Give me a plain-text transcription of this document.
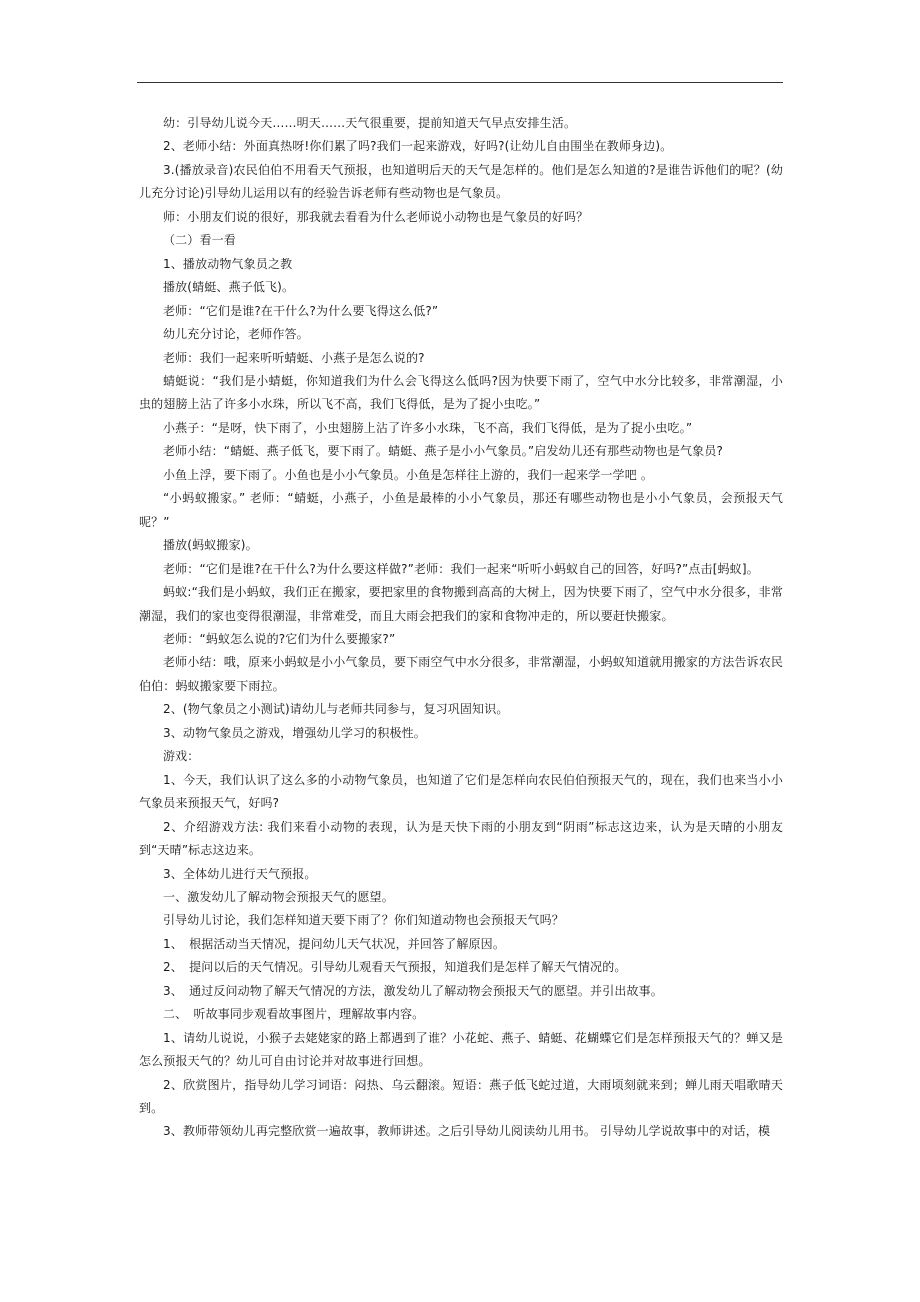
幼：引导幼儿说今天……明天……天气很重要，提前知道天气早点安排生活。

2、老师小结：外面真热呀!你们累了吗?我们一起来游戏，好吗?(让幼儿自由围坐在教师身边)。

3.(播放录音)农民伯伯不用看天气预报，也知道明后天的天气是怎样的。他们是怎么知道的?是谁告诉他们的呢？(幼儿充分讨论)引导幼儿运用以有的经验告诉老师有些动物也是气象员。

师：小朋友们说的很好，那我就去看看为什么老师说小动物也是气象员的好吗？

（二）看一看

1、播放动物气象员之教

播放(蜻蜓、燕子低飞)。

老师：“它们是谁?在干什么?为什么要飞得这么低?”

幼儿充分讨论，老师作答。

老师：我们一起来听听蜻蜓、小燕子是怎么说的?

蜻蜓说：“我们是小蜻蜓，你知道我们为什么会飞得这么低吗?因为快要下雨了，空气中水分比较多，非常潮湿，小虫的翅膀上沾了许多小水珠，所以飞不高，我们飞得低，是为了捉小虫吃。”

小燕子：“是呀，快下雨了，小虫翅膀上沾了许多小水珠，飞不高，我们飞得低，是为了捉小虫吃。”

老师小结：“蜻蜓、燕子低飞，要下雨了。蜻蜓、燕子是小小气象员。”启发幼儿还有那些动物也是气象员?

小鱼上浮，要下雨了。小鱼也是小小气象员。小鱼是怎样往上游的，我们一起来学一学吧 。

“小蚂蚁搬家。” 老师：“蜻蜓，小燕子，小鱼是最棒的小小气象员，那还有哪些动物也是小小气象员，会预报天气呢？”

播放(蚂蚁搬家)。

老师：“它们是谁?在干什么?为什么要这样做?”老师：我们一起来“听听小蚂蚁自己的回答，好吗?”点击[蚂蚁]。

蚂蚁:“我们是小蚂蚁，我们正在搬家，要把家里的食物搬到高高的大树上，因为快要下雨了，空气中水分很多，非常潮湿，我们的家也变得很潮湿，非常难受，而且大雨会把我们的家和食物冲走的，所以要赶快搬家。

老师：“蚂蚁怎么说的?它们为什么要搬家?”

老师小结：哦，原来小蚂蚁是小小气象员，要下雨空气中水分很多，非常潮湿，小蚂蚁知道就用搬家的方法告诉农民伯伯：蚂蚁搬家要下雨拉。

2、(物气象员之小测试)请幼儿与老师共同参与，复习巩固知识。

3、动物气象员之游戏，增强幼儿学习的积极性。

游戏：

1、今天，我们认识了这么多的小动物气象员，也知道了它们是怎样向农民伯伯预报天气的，现在，我们也来当小小气象员来预报天气，好吗?

2、介绍游戏方法: 我们来看小动物的表现，认为是天快下雨的小朋友到“阴雨”标志这边来，认为是天晴的小朋友到“天晴”标志这边来。

3、全体幼儿进行天气预报。

一、激发幼儿了解动物会预报天气的愿望。

引导幼儿讨论，我们怎样知道天要下雨了？你们知道动物也会预报天气吗？

1、　根据活动当天情况，提问幼儿天气状况，并回答了解原因。

2、　提问以后的天气情况。引导幼儿观看天气预报，知道我们是怎样了解天气情况的。

3、　通过反问动物了解天气情况的方法，激发幼儿了解动物会预报天气的愿望。并引出故事。

二、　听故事同步观看故事图片，理解故事内容。

1、请幼儿说说，小猴子去姥姥家的路上都遇到了谁？小花蛇、燕子、蜻蜓、花蝴蝶它们是怎样预报天气的？蝉又是怎么预报天气的？幼儿可自由讨论并对故事进行回想。

2、欣赏图片，指导幼儿学习词语：闷热、乌云翻滚。短语：燕子低飞蛇过道，大雨顷刻就来到；蝉儿雨天唱歌晴天到。

3、教师带领幼儿再完整欣赏一遍故事，教师讲述。之后引导幼儿阅读幼儿用书。 引导幼儿学说故事中的对话，模
